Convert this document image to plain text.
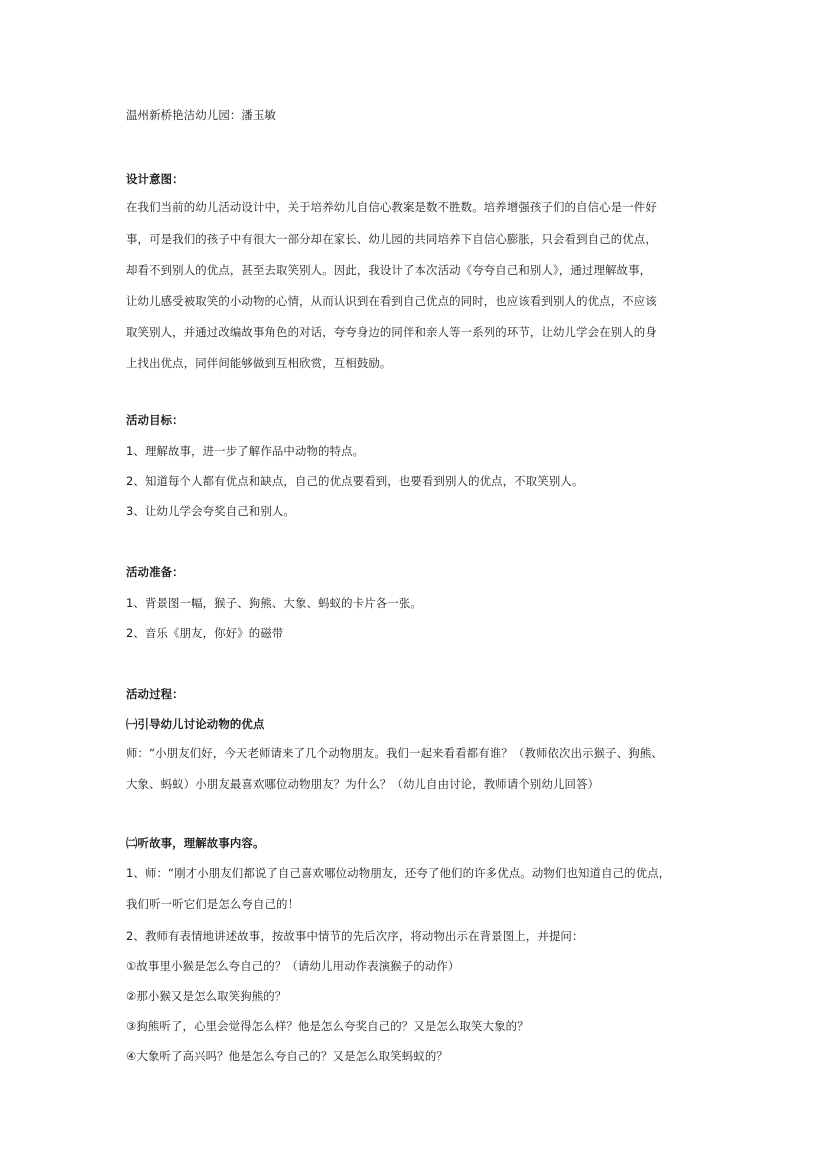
温州新桥艳洁幼儿园：潘玉敏
设计意图：
在我们当前的幼儿活动设计中，关于培养幼儿自信心教案是数不胜数。培养增强孩子们的自信心是一件好
事，可是我们的孩子中有很大一部分却在家长、幼儿园的共同培养下自信心膨胀，只会看到自己的优点，
却看不到别人的优点，甚至去取笑别人。因此，我设计了本次活动《夸夸自己和别人》，通过理解故事，
让幼儿感受被取笑的小动物的心情，从而认识到在看到自己优点的同时，也应该看到别人的优点，不应该
取笑别人，并通过改编故事角色的对话，夸夸身边的同伴和亲人等一系列的环节，让幼儿学会在别人的身
上找出优点，同伴间能够做到互相欣赏，互相鼓励。
活动目标：
1、理解故事，进一步了解作品中动物的特点。
2、知道每个人都有优点和缺点，自己的优点要看到，也要看到别人的优点，不取笑别人。
3、让幼儿学会夸奖自己和别人。
活动准备：
1、背景图一幅，猴子、狗熊、大象、蚂蚁的卡片各一张。
2、音乐《朋友，你好》的磁带
活动过程：
㈠引导幼儿讨论动物的优点
师：“小朋友们好，今天老师请来了几个动物朋友。我们一起来看看都有谁？（教师依次出示猴子、狗熊、
大象、蚂蚁）小朋友最喜欢哪位动物朋友？为什么？（幼儿自由讨论，教师请个别幼儿回答）
㈡听故事，理解故事内容。
1、师：“刚才小朋友们都说了自己喜欢哪位动物朋友，还夸了他们的许多优点。动物们也知道自己的优点，
我们听一听它们是怎么夸自己的！
2、教师有表情地讲述故事，按故事中情节的先后次序，将动物出示在背景图上，并提问：
①故事里小猴是怎么夸自己的？（请幼儿用动作表演猴子的动作）
②那小猴又是怎么取笑狗熊的？
③狗熊听了，心里会觉得怎么样？他是怎么夸奖自己的？又是怎么取笑大象的？
④大象听了高兴吗？他是怎么夸自己的？又是怎么取笑蚂蚁的？
